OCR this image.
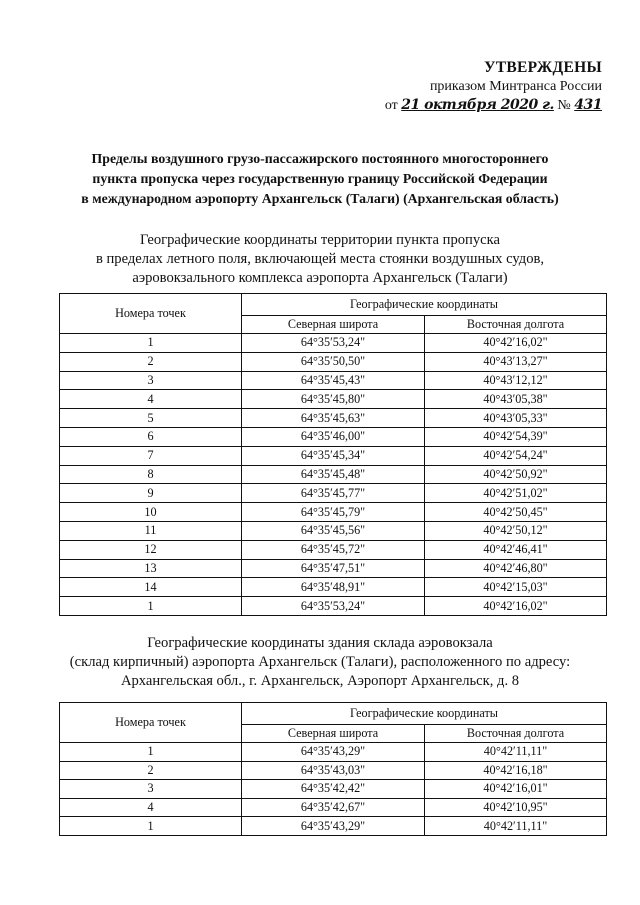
УТВЕРЖДЕНЫ
приказом Минтранса России
от 21 октября 2020 г. № 431
Пределы воздушного грузо-пассажирского постоянного многостороннего
пункта пропуска через государственную границу Российской Федерации
в международном аэропорту Архангельск (Талаги) (Архангельская область)
Географические координаты территории пункта пропуска
в пределах летного поля, включающей места стоянки воздушных судов,
аэровокзального комплекса аэропорта Архангельск (Талаги)
Номера точек	Географические координаты	
	Северная широта	Восточная долгота
1	64°35′53,24"	40°42′16,02"
2	64°35′50,50"	40°43′13,27"
3	64°35′45,43"	40°43′12,12"
4	64°35′45,80"	40°43′05,38"
5	64°35′45,63"	40°43′05,33"
6	64°35′46,00"	40°42′54,39"
7	64°35′45,34"	40°42′54,24"
8	64°35′45,48"	40°42′50,92"
9	64°35′45,77"	40°42′51,02"
10	64°35′45,79"	40°42′50,45"
11	64°35′45,56"	40°42′50,12"
12	64°35′45,72"	40°42′46,41"
13	64°35′47,51"	40°42′46,80"
14	64°35′48,91"	40°42′15,03"
1	64°35′53,24"	40°42′16,02"
Географические координаты здания склада аэровокзала
(склад кирпичный) аэропорта Архангельск (Талаги), расположенного по адресу:
Архангельская обл., г. Архангельск, Аэропорт Архангельск, д. 8
Номера точек	Географические координаты	
	Северная широта	Восточная долгота
1	64°35′43,29"	40°42′11,11"
2	64°35′43,03"	40°42′16,18"
3	64°35′42,42"	40°42′16,01"
4	64°35′42,67"	40°42′10,95"
1	64°35′43,29"	40°42′11,11"
